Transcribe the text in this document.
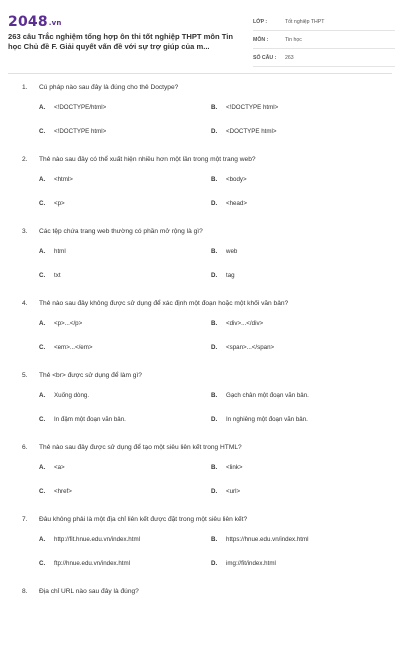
2048.vn
263 câu Trắc nghiệm tổng hợp ôn thi tốt nghiệp THPT môn Tin học Chủ đề F. Giải quyết vấn đề với sự trợ giúp của m...
LỚP :	Tốt nghiệp THPT
MÔN :	Tin học
SỐ CÂU :	263
1. Cú pháp nào sau đây là đúng cho thẻ Doctype?
A. <!DOCTYPE/html>	B. <!DOCTYPE html>
C. <!DOCTYPE html>	D. <DOCTYPE html>
2. Thẻ nào sau đây có thể xuất hiện nhiều hơn một lần trong một trang web?
A. <html>	B. <body>
C. <p>	D. <head>
3. Các tệp chứa trang web thường có phần mở rộng là gì?
A. html	B. web
C. txt	D. tag
4. Thẻ nào sau đây không được sử dụng để xác định một đoạn hoặc một khối văn bản?
A. <p>...</p>	B. <div>...</div>
C. <em>...</em>	D. <span>...</span>
5. Thẻ <br> được sử dụng để làm gì?
A. Xuống dòng.	B. Gạch chân một đoạn văn bản.
C. In đậm một đoạn văn bản.	D. In nghiêng một đoạn văn bản.
6. Thẻ nào sau đây được sử dụng để tạo một siêu liên kết trong HTML?
A. <a>	B. <link>
C. <href>	D. <url>
7. Đâu không phải là một địa chỉ liên kết được đặt trong một siêu liên kết?
A. http://fit.hnue.edu.vn/index.html	B. https://hnue.edu.vn/index.html
C. ftp://hnue.edu.vn/index.html	D. img://fit/index.html
8. Địa chỉ URL nào sau đây là đúng?
